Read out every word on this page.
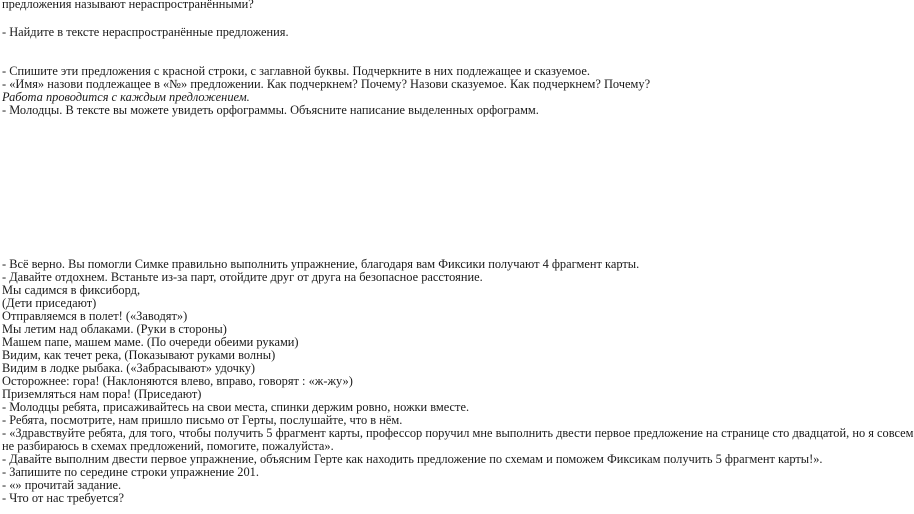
предложения называют нераспространёнными?
- Найдите в тексте нераспространённые предложения.
- Спишите эти предложения с красной строки, с заглавной буквы. Подчеркните в них подлежащее и сказуемое.
- «Имя» назови подлежащее в «№» предложении. Как подчеркнем? Почему? Назови сказуемое. Как подчеркнем? Почему?
Работа проводится с каждым предложением.
- Молодцы. В тексте вы можете увидеть орфограммы. Объясните написание выделенных орфограмм.
- Всё верно. Вы помогли Симке правильно выполнить упражнение, благодаря вам Фиксики получают 4 фрагмент карты.
- Давайте отдохнем. Встаньте из-за парт, отойдите друг от друга на безопасное расстояние.
Мы садимся в фиксиборд,
(Дети приседают)
Отправляемся в полет! («Заводят»)
Мы летим над облаками. (Руки в стороны)
Машем папе, машем маме. (По очереди обеими руками)
Видим, как течет река, (Показывают руками волны)
Видим в лодке рыбака. («Забрасывают» удочку)
Осторожнее: гора! (Наклоняются влево, вправо, говорят : «ж-жу»)
Приземляться нам пора! (Приседают)
- Молодцы ребята, присаживайтесь на свои места, спинки держим ровно, ножки вместе.
- Ребята, посмотрите, нам пришло письмо от Герты, послушайте, что в нём.
- «Здравствуйте ребята, для того, чтобы получить 5 фрагмент карты, профессор поручил мне выполнить двести первое предложение на странице сто двадцатой, но я совсем
не разбираюсь в схемах предложений, помогите, пожалуйста».
- Давайте выполним двести первое упражнение, объясним Герте как находить предложение по схемам и поможем Фиксикам получить 5 фрагмент карты!».
- Запишите по середине строки упражнение 201.
- «» прочитай задание.
- Что от нас требуется?
